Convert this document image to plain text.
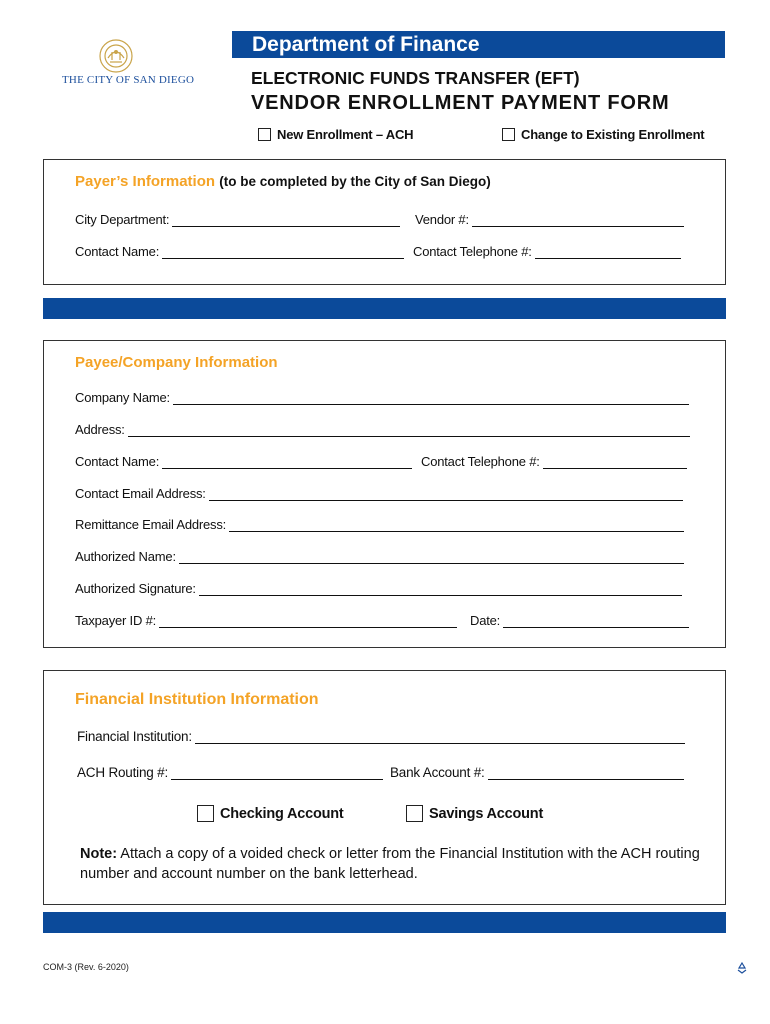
THE CITY OF SAN DIEGO
Department of Finance
ELECTRONIC FUNDS TRANSFER (EFT)
VENDOR ENROLLMENT PAYMENT FORM
New Enrollment – ACH	Change to Existing Enrollment
Payer’s Information (to be completed by the City of San Diego)
City Department:	Vendor #:
Contact Name:	Contact Telephone #:
Payee/Company Information
Company Name:
Address:
Contact Name:	Contact Telephone #:
Contact Email Address:
Remittance Email Address:
Authorized Name:
Authorized Signature:
Taxpayer ID #:	Date:
Financial Institution Information
Financial Institution:
ACH Routing #:	Bank Account #:
Checking Account	Savings Account
Note: Attach a copy of a voided check or letter from the Financial Institution with the ACH routing number and account number on the bank letterhead.
COM-3 (Rev. 6-2020)
